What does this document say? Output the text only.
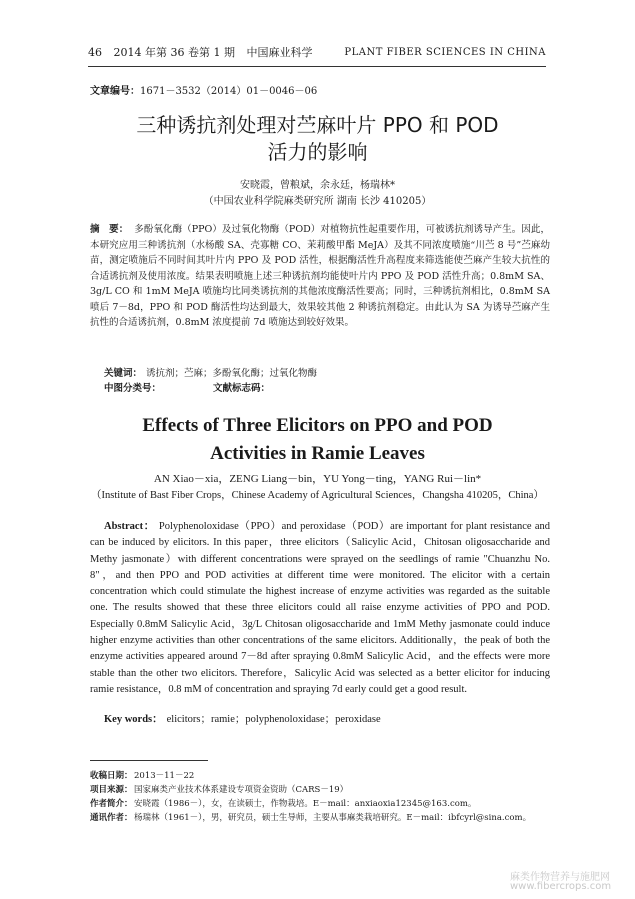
46 2014 年第 36 卷第 1 期 中国麻业科学	PLANT FIBER SCIENCES IN CHINA
文章编号：1671－3532（2014）01－0046－06
三种诱抗剂处理对苎麻叶片 PPO 和 POD
活力的影响
安晓霞，曾粮斌，余永廷，杨瑞林*
（中国农业科学院麻类研究所 湖南 长沙 410205）
摘　要： 多酚氧化酶（PPO）及过氧化物酶（POD）对植物抗性起重要作用，可被诱抗剂诱导产生。因此，本研究应用三种诱抗剂（水杨酸 SA、壳寡糖 CO、茉莉酸甲酯 MeJA）及其不同浓度喷施“川苎 8 号”苎麻幼苗，测定喷施后不同时间其叶片内 PPO 及 POD 活性，根据酶活性升高程度来筛选能使苎麻产生较大抗性的合适诱抗剂及使用浓度。结果表明喷施上述三种诱抗剂均能使叶片内 PPO 及 POD 活性升高；0.8mM SA、3g/L CO 和 1mM MeJA 喷施均比同类诱抗剂的其他浓度酶活性要高；同时，三种诱抗剂相比，0.8mM SA 喷后 7－8d，PPO 和 POD 酶活性均达到最大，效果较其他 2 种诱抗剂稳定。由此认为 SA 为诱导苎麻产生抗性的合适诱抗剂，0.8mM 浓度提前 7d 喷施达到较好效果。
关键词： 诱抗剂；苎麻；多酚氧化酶；过氧化物酶
中图分类号：	文献标志码：
Effects of Three Elicitors on PPO and POD
Activities in Ramie Leaves
AN Xiao－xia，ZENG Liang－bin，YU Yong－ting，YANG Rui－lin*
（Institute of Bast Fiber Crops，Chinese Academy of Agricultural Sciences，Changsha 410205，China）
Abstract： Polyphenoloxidase（PPO）and peroxidase（POD）are important for plant resistance and can be induced by elicitors. In this paper，three elicitors（Salicylic Acid，Chitosan oligosaccharide and Methy jasmonate）with different concentrations were sprayed on the seedlings of ramie "Chuanzhu No. 8"，and then PPO and POD activities at different time were monitored. The elicitor with a certain concentration which could stimulate the highest increase of enzyme activities was regarded as the suitable one. The results showed that these three elicitors could all raise enzyme activities of PPO and POD. Especially 0.8mM Salicylic Acid，3g/L Chitosan oligosaccharide and 1mM Methy jasmonate could induce higher enzyme activities than other concentrations of the same elicitors. Additionally，the peak of both the enzyme activities appeared around 7－8d after spraying 0.8mM Salicylic Acid，and the effects were more stable than the other two elicitors. Therefore，Salicylic Acid was selected as a better elicitor for inducing ramie resistance，0.8 mM of concentration and spraying 7d early could get a good result.
Key words： elicitors；ramie；polyphenoloxidase；peroxidase
收稿日期：2013－11－22
项目来源：国家麻类产业技术体系建设专项资金资助（CARS－19）
作者简介：安晓霞（1986－），女，在读硕士，作物栽培。E－mail：anxiaoxia12345@163.com。
通讯作者：杨瑞林（1961－），男，研究员，硕士生导师，主要从事麻类栽培研究。E－mail：ibfcyrl@sina.com。
麻类作物营养与施肥网
www.fibercrops.com
